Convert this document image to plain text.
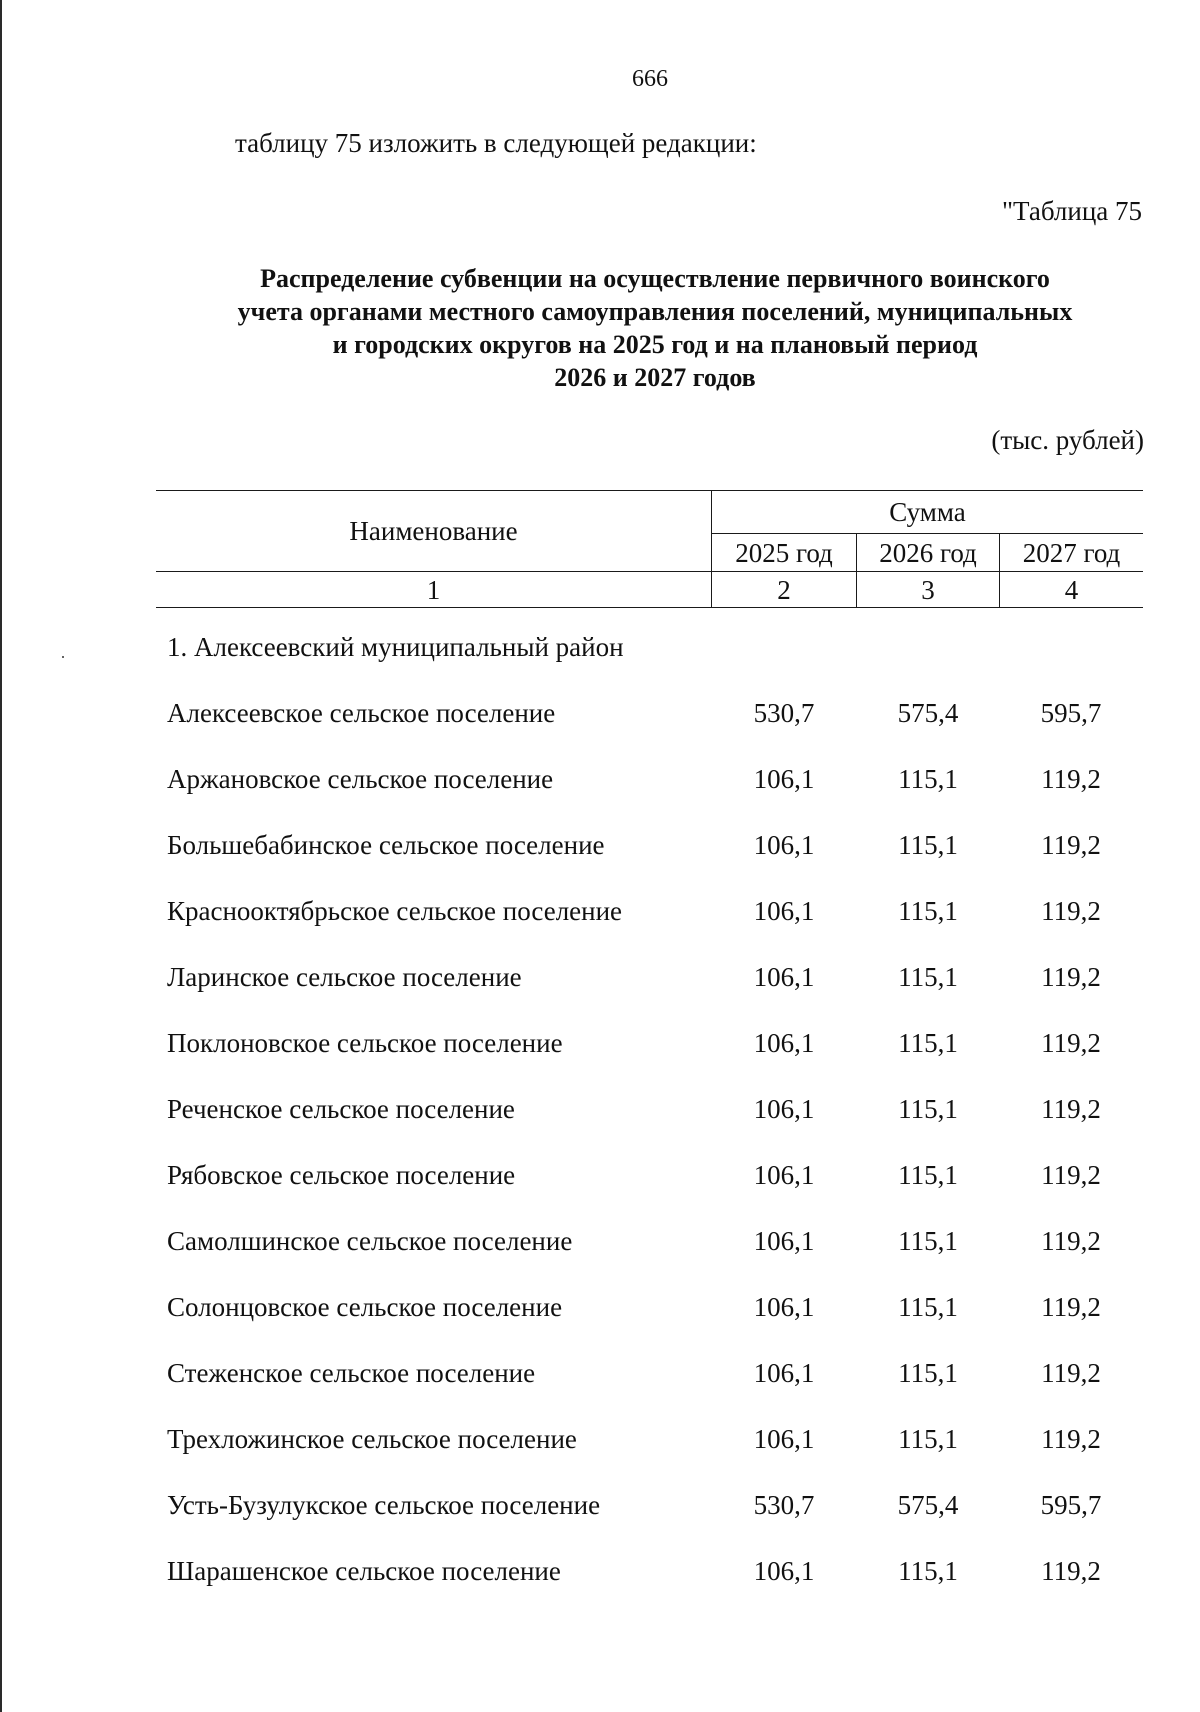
666
таблицу 75 изложить в следующей редакции:
"Таблица 75
Распределение субвенции на осуществление первичного воинского
учета органами местного самоуправления поселений, муниципальных
и городских округов на 2025 год и на плановый период
2026 и 2027 годов
(тыс. рублей)
Наименование
Сумма
2025 год	2026 год	2027 год
1	2	3	4
1. Алексеевский муниципальный район
Алексеевское сельское поселение	530,7	575,4	595,7
Аржановское сельское поселение	106,1	115,1	119,2
Большебабинское сельское поселение	106,1	115,1	119,2
Краснооктябрьское сельское поселение	106,1	115,1	119,2
Ларинское сельское поселение	106,1	115,1	119,2
Поклоновское сельское поселение	106,1	115,1	119,2
Реченское сельское поселение	106,1	115,1	119,2
Рябовское сельское поселение	106,1	115,1	119,2
Самолшинское сельское поселение	106,1	115,1	119,2
Солонцовское сельское поселение	106,1	115,1	119,2
Стеженское сельское поселение	106,1	115,1	119,2
Трехложинское сельское поселение	106,1	115,1	119,2
Усть-Бузулукское сельское поселение	530,7	575,4	595,7
Шарашенское сельское поселение	106,1	115,1	119,2
